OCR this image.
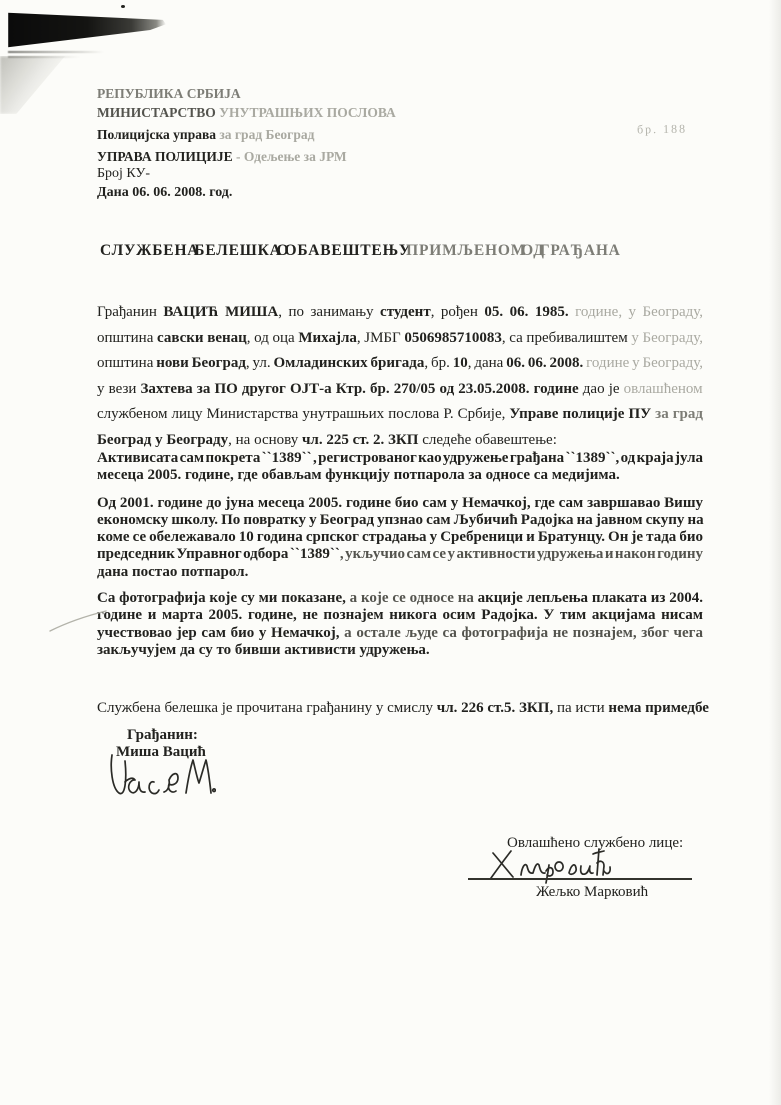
РЕПУБЛИКА СРБИЈА
МИНИСТАРСТВО УНУТРАШЊИХ ПОСЛОВА
Полицијска управа за град Београд
УПРАВА ПОЛИЦИЈЕ - Одељење за ЈРМ
Број КУ-
Дана 06. 06. 2008. год.
бр. 188
СЛУЖБЕНА БЕЛЕШКА О ОБАВЕШТЕЊУ ПРИМЉЕНОМ ОД ГРАЂАНА
Грађанин ВАЦИЋ МИША, по занимању студент, рођен 05. 06. 1985. године, у Београду,
општина савски венац, од оца Михајла, ЈМБГ 0506985710083, са пребивалиштем у Београду,
општина нови Београд, ул. Омладинских бригада, бр. 10, дана 06. 06. 2008. године у Београду,
у вези Захтева за ПО другог ОЈТ-а Ктр. бр. 270/05 од 23.05.2008. године дао је овлашћеном
службеном лицу Министарства унутрашњих послова Р. Србије, Управе полиције ПУ за град
Београд у Београду, на основу чл. 225 ст. 2. ЗКП следеће обавештење:
Активисата сам покрета ``1389`` , регистрованог као удружење грађана ``1389``, од краја јула
месеца 2005. године, где обављам функцију потпарола за односе са медијима.
Од 2001. године до јуна месеца 2005. године био сам у Немачкој, где сам завршавао Вишу
економску школу. По повратку у Београд упзнао сам Љубичић Радојка на јавном скупу на
коме се обележавало 10 година српског страдања у Сребреници и Братунцу. Он је тада био
председник Управног одбора ``1389``, укључио сам се у активности удружења и након годину
дана постао потпарол.
Са фотографија које су ми показане, а које се односе на акције лепљења плаката из 2004.
године и марта 2005. године, не познајем никога осим Радојка. У тим акцијама нисам
учествовао јер сам био у Немачкој, а остале људе са фотографија не познајем, због чега
закључујем да су то бивши активисти удружења.
Службена белешка је прочитана грађанину у смислу чл. 226 ст.5. ЗКП, па исти нема примедбе
Грађанин:
Миша Вацић
Овлашћено службено лице:
Жељко Марковић
